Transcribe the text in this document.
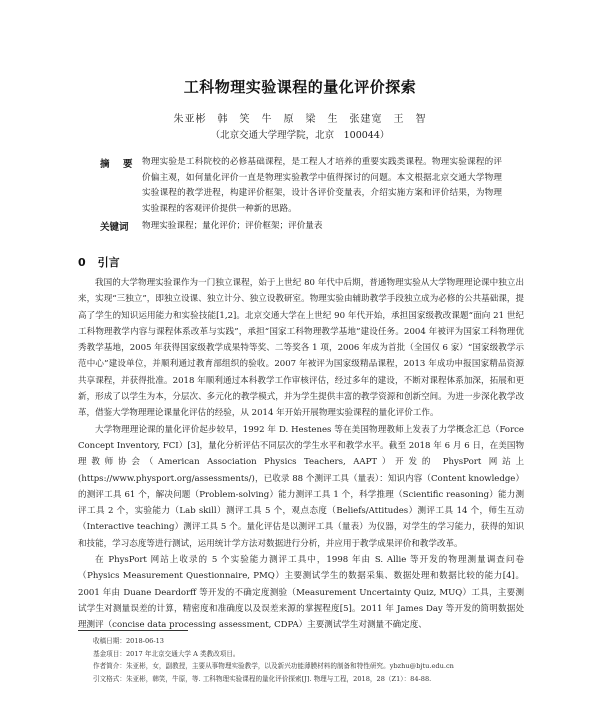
工科物理实验课程的量化评价探索
朱亚彬　韩　笑　牛　原　梁　生　张建宽　王　智
（北京交通大学理学院，北京　100044）
摘　要 物理实验是工科院校的必修基础课程，是工程人才培养的重要实践类课程。物理实验课程的评价偏主观，如何量化评价一直是物理实验教学中值得探讨的问题。本文根据北京交通大学物理实验课程的教学进程，构建评价框架，设计各评价变量表，介绍实施方案和评价结果，为物理实验课程的客观评价提供一种新的思路。
关键词 物理实验课程；量化评价；评价框架；评价量表
0 引言

我国的大学物理实验课作为一门独立课程，始于上世纪 80 年代中后期，普通物理实验从大学物理理论课中独立出来，实现“三独立”，即独立设课、独立计分、独立设教研室。物理实验由辅助教学手段独立成为必修的公共基础课，提高了学生的知识运用能力和实验技能[1,2]。北京交通大学在上世纪 90 年代开始，承担国家级教改课题“面向 21 世纪工科物理教学内容与课程体系改革与实践”，承担“国家工科物理教学基地”建设任务。2004 年被评为国家工科物理优秀教学基地，2005 年获得国家级教学成果特等奖、二等奖各 1 项，2006 年成为首批（全国仅 6 家）“国家级教学示范中心”建设单位，并顺利通过教育部组织的验收。2007 年被评为国家级精品课程，2013 年成功申报国家精品资源共享课程，并获得批准。2018 年顺利通过本科教学工作审核评估，经过多年的建设，不断对课程体系加深，拓展和更新，形成了以学生为本，分层次、多元化的教学模式，并为学生提供丰富的教学资源和创新空间。为进一步深化教学改革，借鉴大学物理理论课量化评估的经验，从 2014 年开始开展物理实验课程的量化评价工作。

大学物理理论课的量化评价起步较早，1992 年 D. Hestenes 等在美国物理教师上发表了力学概念汇总（Force Concept Inventory, FCI）[3]，量化分析评估不同层次的学生水平和教学水平。截至 2018 年 6 月 6 日，在美国物理教师协会（American Association Physics Teachers, AAPT）开发的 PhysPort 网站上(https://www.physport.org/assessments/)，已收录 88 个测评工具（量表）：知识内容（Content knowledge）的测评工具 61 个，解决问题（Problem-solving）能力测评工具 1 个，科学推理（Scientific reasoning）能力测评工具 2 个，实验能力（Lab skill）测评工具 5 个，观点态度（Beliefs/Attitudes）测评工具 14 个，师生互动（Interactive teaching）测评工具 5 个。量化评估是以测评工具（量表）为仪器，对学生的学习能力，获得的知识和技能，学习态度等进行测试，运用统计学方法对数据进行分析，并应用于教学成果评价和教学改革。

在 PhysPort 网站上收录的 5 个实验能力测评工具中，1998 年由 S. Allie 等开发的物理测量调查问卷（Physics Measurement Questionnaire, PMQ）主要测试学生的数据采集、数据处理和数据比较的能力[4]。2001 年由 Duane Deardorff 等开发的不确定度测验（Measurement Uncertainty Quiz, MUQ）工具，主要测试学生对测量误差的计算，精密度和准确度以及误差来源的掌握程度[5]。2011 年 James Day 等开发的简明数据处理测评（concise data processing assessment, CDPA）主要测试学生对测量不确定度、

收稿日期：2018-06-13
基金项目：2017 年北京交通大学 A 类教改项目。
作者简介：朱亚彬，女，副教授，主要从事物理实验教学，以及新兴功能薄膜材料的制备和特性研究。ybzhu@bjtu.edu.cn
引文格式：朱亚彬，韩笑，牛原，等. 工科物理实验课程的量化评价探索[J]. 物理与工程，2018，28（Z1）：84-88.
